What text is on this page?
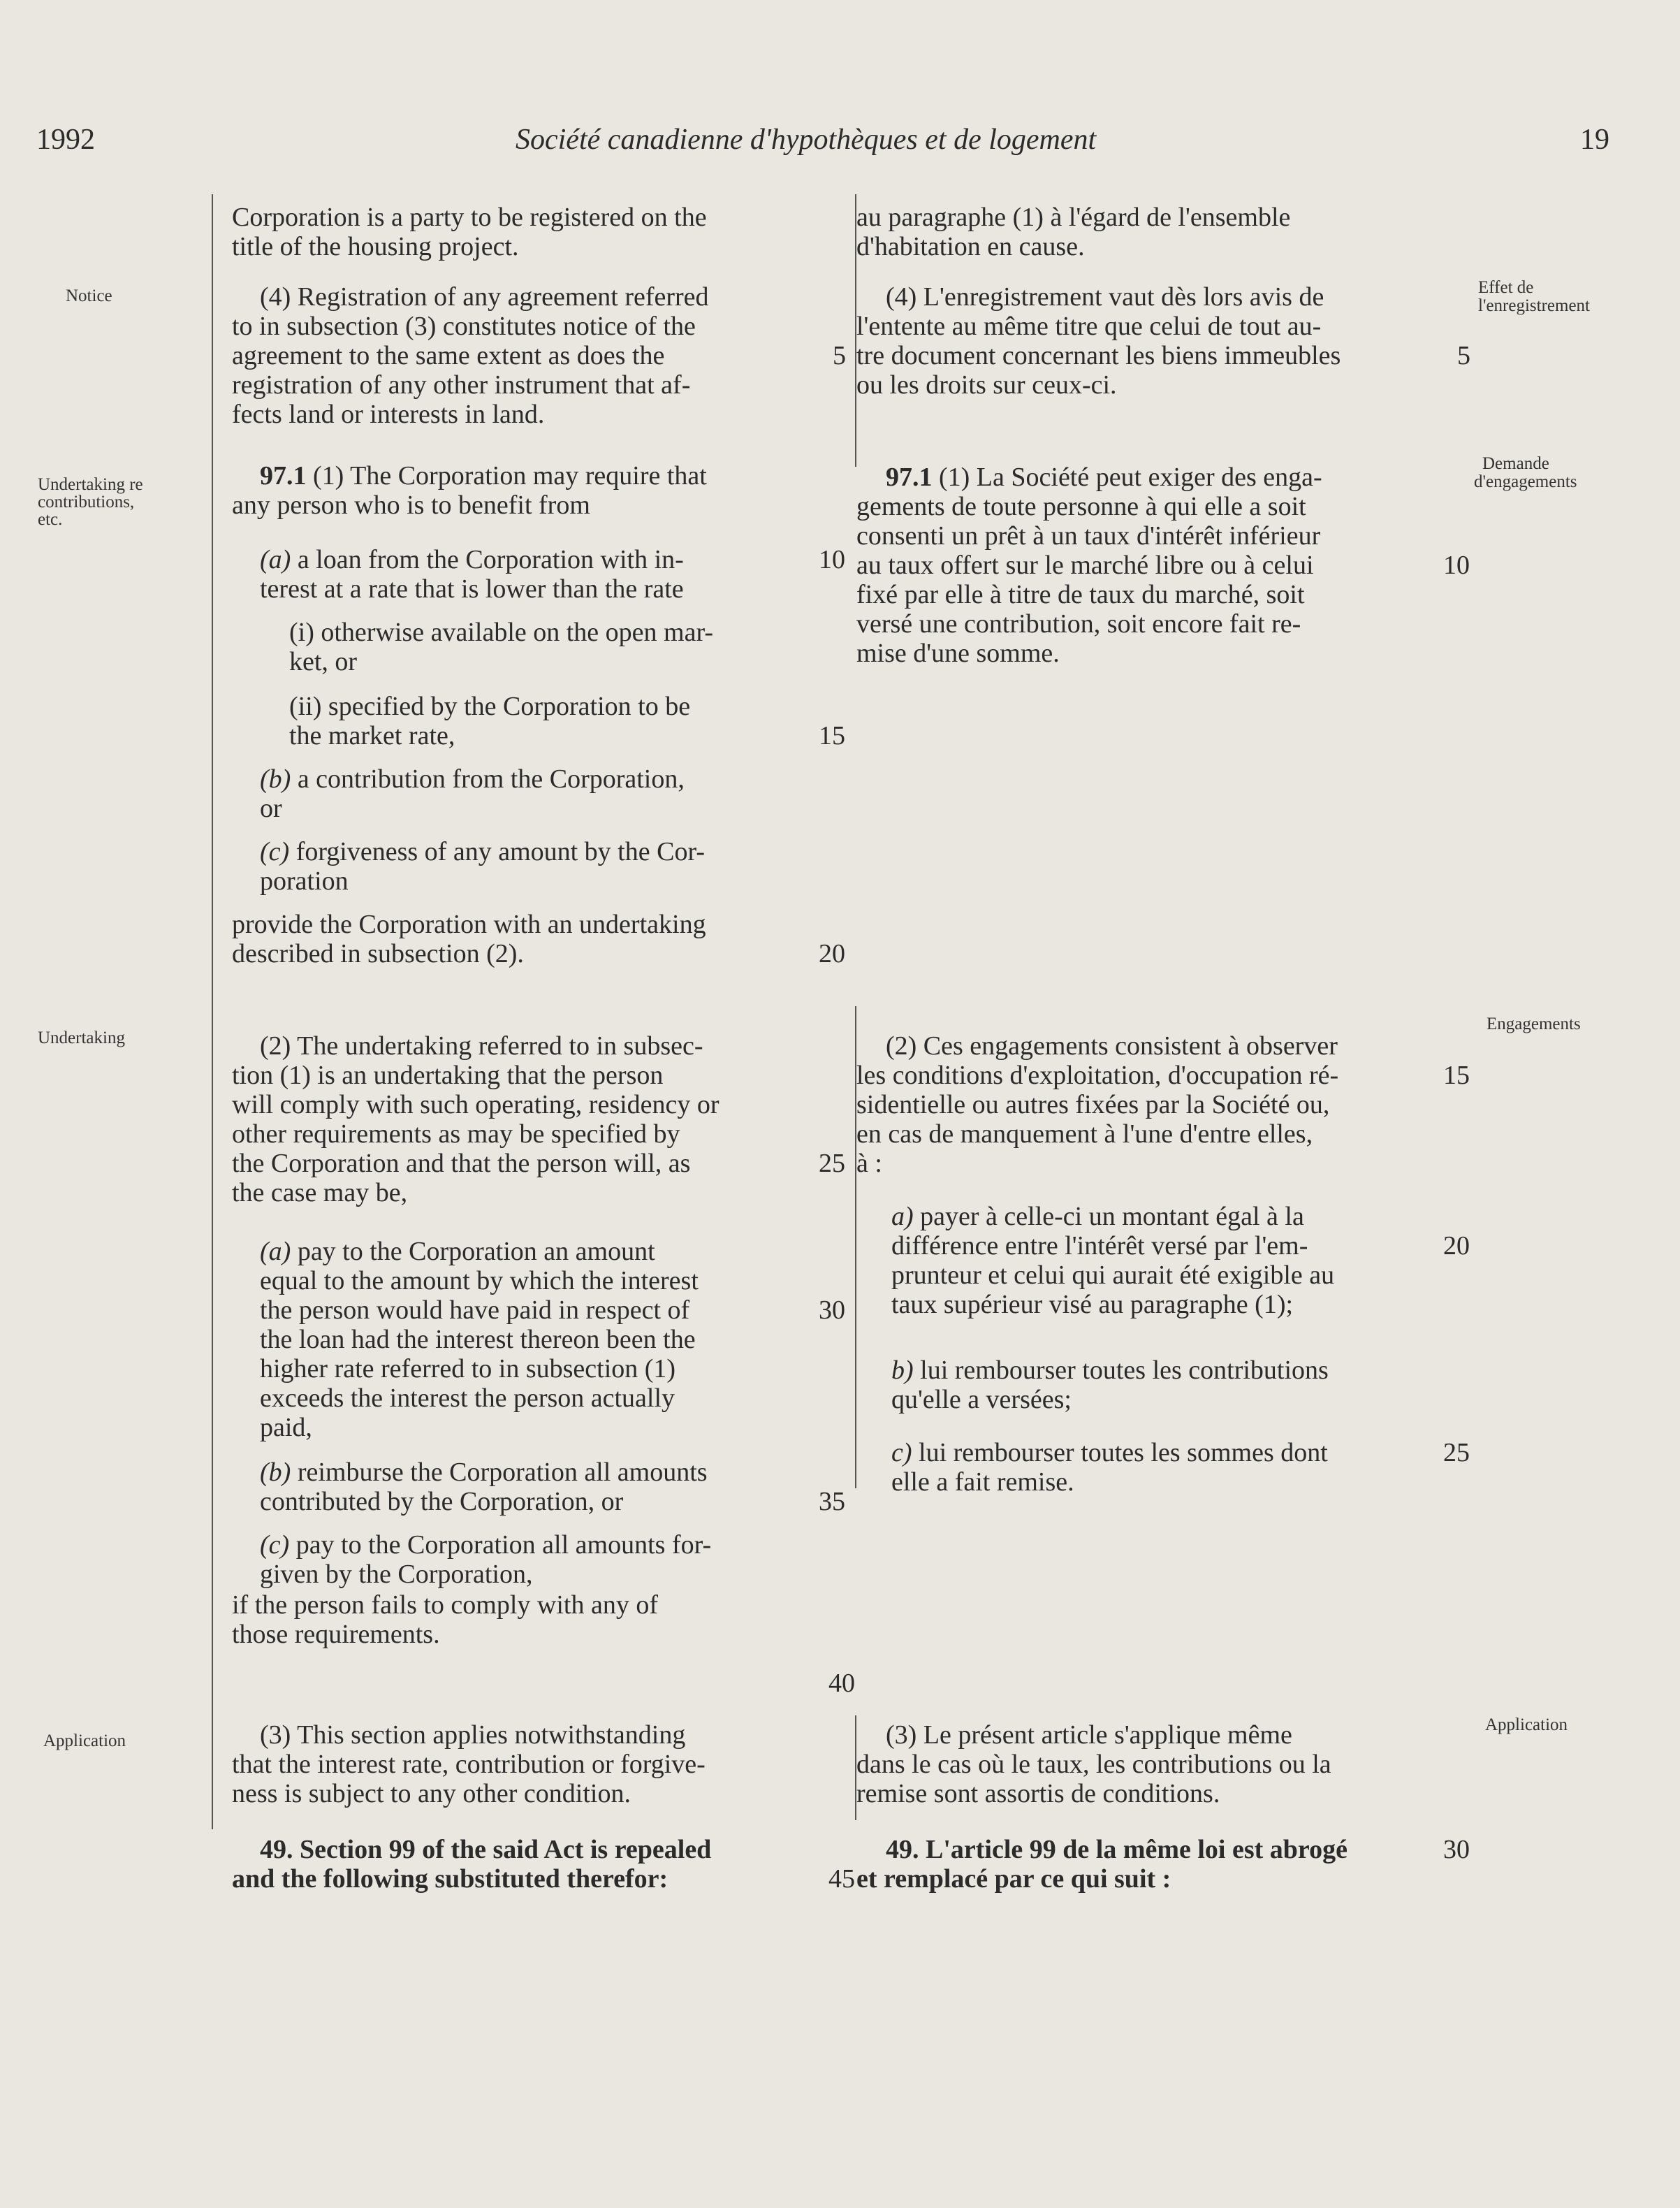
1992	Société canadienne d'hypothèques et de logement	19
Notice
Undertaking re
contributions,
etc.
Undertaking
Application
Effet de
l'enregistrement
Demande
d'engagements
Engagements
Application
Corporation is a party to be registered on the
title of the housing project.
(4) Registration of any agreement referred
to in subsection (3) constitutes notice of the
agreement to the same extent as does the
registration of any other instrument that af-
fects land or interests in land.
97.1 (1) The Corporation may require that
any person who is to benefit from
(a) a loan from the Corporation with in-
terest at a rate that is lower than the rate
(i) otherwise available on the open mar-
ket, or
(ii) specified by the Corporation to be
the market rate,
(b) a contribution from the Corporation,
or
(c) forgiveness of any amount by the Cor-
poration
provide the Corporation with an undertaking
described in subsection (2).
(2) The undertaking referred to in subsec-
tion (1) is an undertaking that the person
will comply with such operating, residency or
other requirements as may be specified by
the Corporation and that the person will, as
the case may be,
(a) pay to the Corporation an amount
equal to the amount by which the interest
the person would have paid in respect of
the loan had the interest thereon been the
higher rate referred to in subsection (1)
exceeds the interest the person actually
paid,
(b) reimburse the Corporation all amounts
contributed by the Corporation, or
(c) pay to the Corporation all amounts for-
given by the Corporation,
if the person fails to comply with any of
those requirements.
(3) This section applies notwithstanding
that the interest rate, contribution or forgive-
ness is subject to any other condition.
49. Section 99 of the said Act is repealed
and the following substituted therefor:
5
10
15
20
25
30
35
40
45
au paragraphe (1) à l'égard de l'ensemble
d'habitation en cause.
(4) L'enregistrement vaut dès lors avis de
l'entente au même titre que celui de tout au-
tre document concernant les biens immeubles
ou les droits sur ceux-ci.
97.1 (1) La Société peut exiger des enga-
gements de toute personne à qui elle a soit
consenti un prêt à un taux d'intérêt inférieur
au taux offert sur le marché libre ou à celui
fixé par elle à titre de taux du marché, soit
versé une contribution, soit encore fait re-
mise d'une somme.
(2) Ces engagements consistent à observer
les conditions d'exploitation, d'occupation ré-
sidentielle ou autres fixées par la Société ou,
en cas de manquement à l'une d'entre elles,
à :
a) payer à celle-ci un montant égal à la
différence entre l'intérêt versé par l'em-
prunteur et celui qui aurait été exigible au
taux supérieur visé au paragraphe (1);
b) lui rembourser toutes les contributions
qu'elle a versées;
c) lui rembourser toutes les sommes dont
elle a fait remise.
(3) Le présent article s'applique même
dans le cas où le taux, les contributions ou la
remise sont assortis de conditions.
49. L'article 99 de la même loi est abrogé
et remplacé par ce qui suit :
5
10
15
20
25
30
